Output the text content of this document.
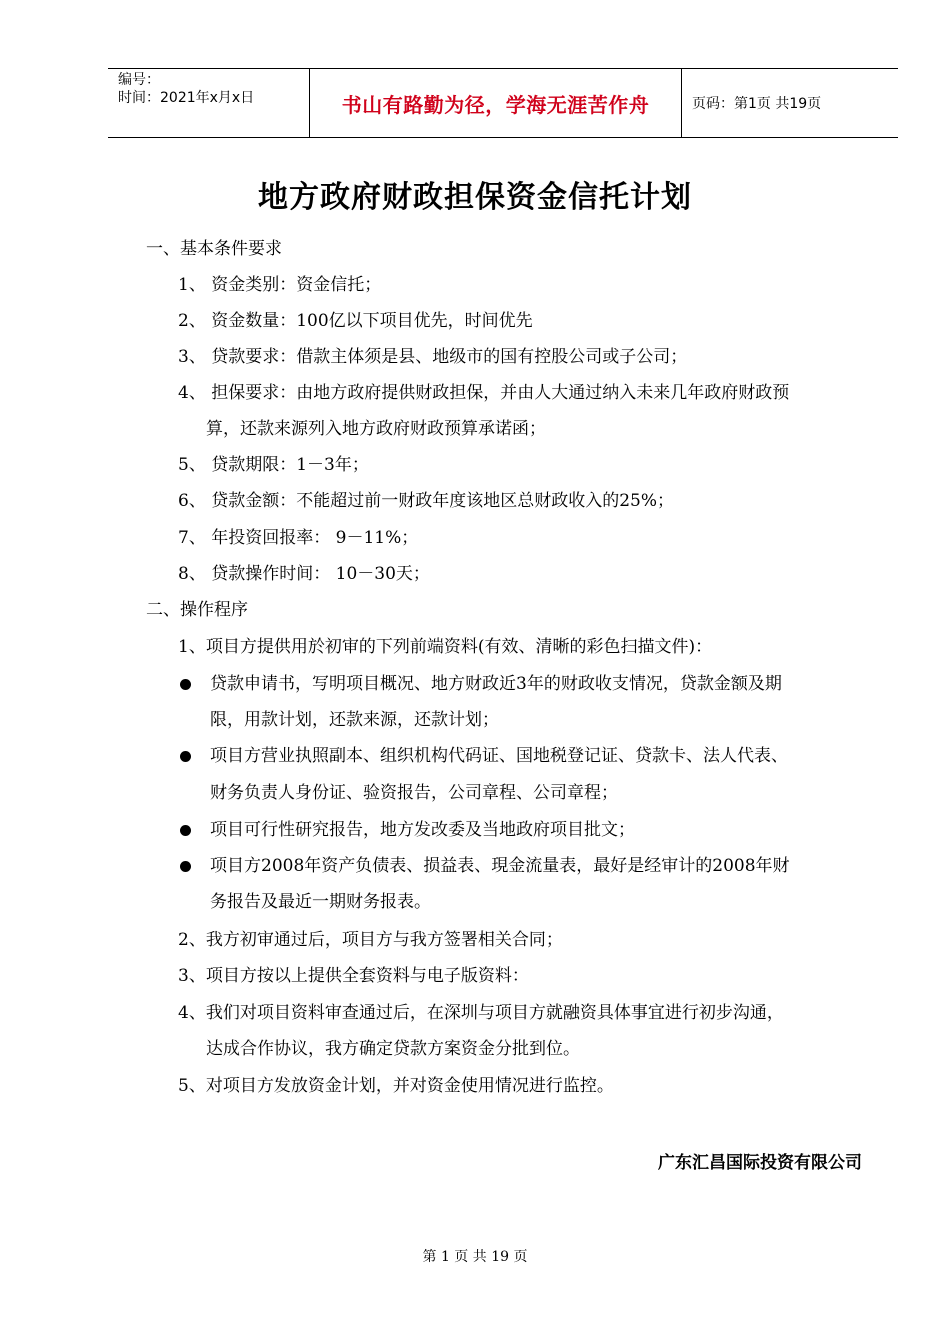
编号：
时间：2021年x月x日	书山有路勤为径，学海无涯苦作舟	页码：第1页 共19页
地方政府财政担保资金信托计划
一、基本条件要求
1、 资金类别：资金信托；
2、 资金数量：100亿以下项目优先，时间优先
3、 贷款要求：借款主体须是县、地级市的国有控股公司或子公司；
4、 担保要求：由地方政府提供财政担保，并由人大通过纳入未来几年政府财政预
算，还款来源列入地方政府财政预算承诺函；
5、 贷款期限：1－3年；
6、 贷款金额：不能超过前一财政年度该地区总财政收入的25%；
7、 年投资回报率： 9－11%；
8、 贷款操作时间： 10－30天；
二、操作程序
1、项目方提供用於初审的下列前端资料(有效、清晰的彩色扫描文件)：
贷款申请书，写明项目概况、地方财政近3年的财政收支情况，贷款金额及期
限，用款计划，还款来源，还款计划；
项目方营业执照副本、组织机构代码证、国地税登记证、贷款卡、法人代表、
财务负责人身份证、验资报告，公司章程、公司章程；
项目可行性研究报告，地方发改委及当地政府项目批文；
项目方2008年资产负债表、损益表、現金流量表，最好是经审计的2008年财
务报告及最近一期财务报表。
2、我方初审通过后，项目方与我方签署相关合同；
3、项目方按以上提供全套资料与电子版资料：
4、我们对项目资料审查通过后，在深圳与项目方就融资具体事宜进行初步沟通，
达成合作协议，我方确定贷款方案资金分批到位。
5、对项目方发放资金计划，并对资金使用情况进行监控。
广东汇昌国际投资有限公司
第 1 页 共 19 页
